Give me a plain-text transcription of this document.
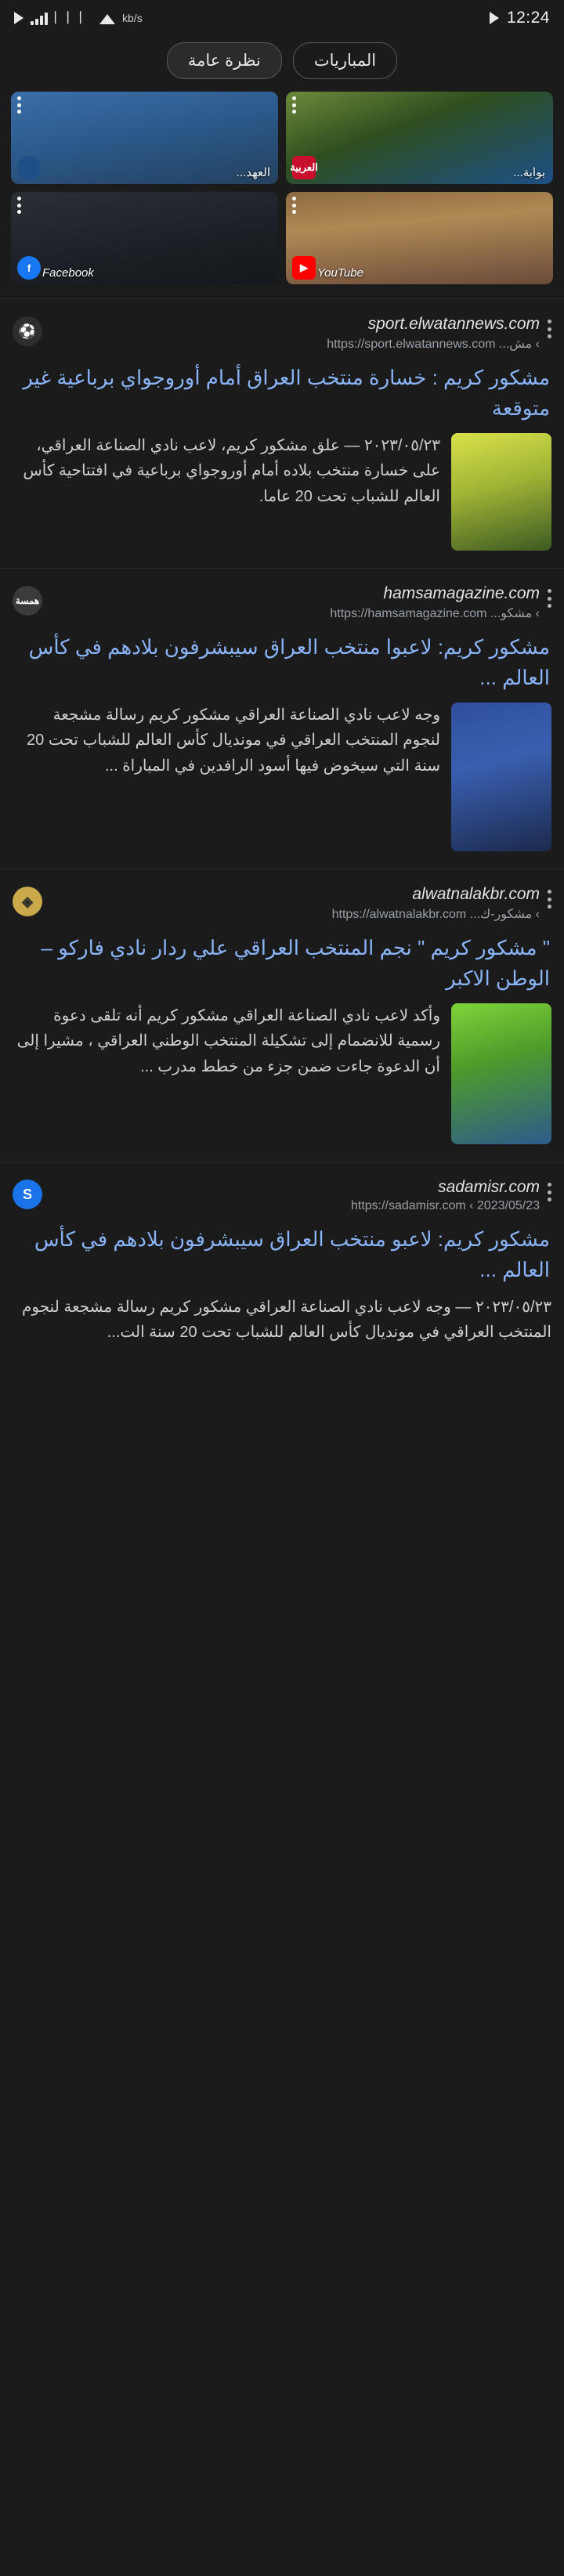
⎸⎸⎸	kb/s	12:24
المباريات
نظرة عامة
العربية	بوابة...
العهد...
▶ YouTube
f Facebook
sport.elwatannews.com
› مش... https://sport.elwatannews.com
⚽
مشكور كريم : خسارة منتخب العراق أمام أوروجواي برباعية غير متوقعة
٢٠٢٣/٠٥/٢٣ — علق مشكور كريم، لاعب نادي الصناعة العراقي، على خسارة منتخب بلاده أمام أوروجواي برباعية في افتتاحية كأس العالم للشباب تحت 20 عاما.
hamsamagazine.com
› مشكو... https://hamsamagazine.com
همسة
مشكور كريم: لاعبوا منتخب العراق سيبشرفون بلادهم في كأس العالم ...
وجه لاعب نادي الصناعة العراقي مشكور كريم رسالة مشجعة لنجوم المنتخب العراقي في مونديال كأس العالم للشباب تحت 20 سنة التي سيخوض فيها أسود الرافدين في المباراة ...
alwatnalakbr.com
› مشكور-ك... https://alwatnalakbr.com
◈
" مشكور كريم " نجم المنتخب العراقي علي ردار نادي فاركو – الوطن الاكبر
وأكد لاعب نادي الصناعة العراقي مشكور كريم أنه تلقى دعوة رسمية للانضمام إلى تشكيلة المنتخب الوطني العراقي ، مشيرا إلى أن الدعوة جاءت ضمن جزء من خطط مدرب ...
sadamisr.com
2023/05/23 › https://sadamisr.com
S
مشكور كريم: لاعبو منتخب العراق سيبشرفون بلادهم في كأس العالم ...
٢٠٢٣/٠٥/٢٣ — وجه لاعب نادي الصناعة العراقي مشكور كريم رسالة مشجعة لنجوم المنتخب العراقي في مونديال كأس العالم للشباب تحت 20 سنة الت...
